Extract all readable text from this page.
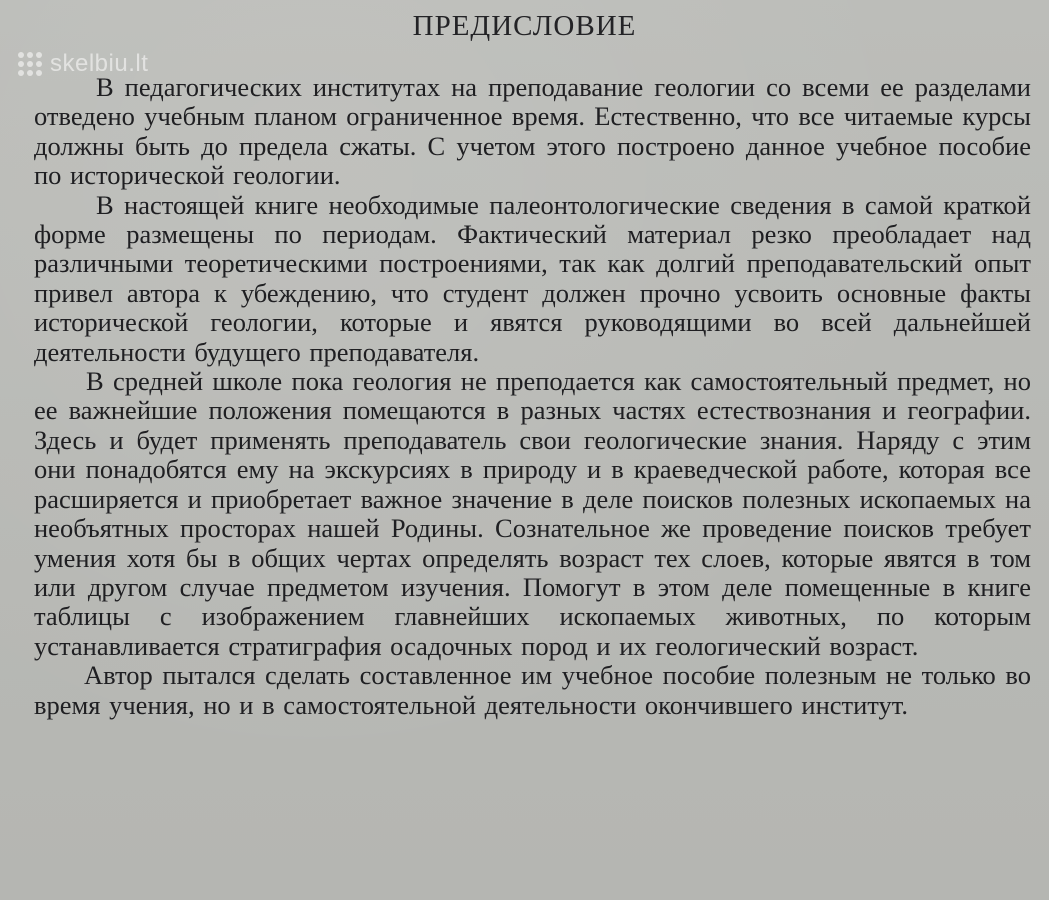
skelbiu.lt
ПРЕДИСЛОВИЕ

В педагогических институтах на преподавание геологии со всеми ее разделами отведено учебным планом ограниченное время. Естественно, что все читаемые курсы должны быть до предела сжаты. С учетом этого построено данное учебное пособие по исторической геологии.

В настоящей книге необходимые палеонтологические сведения в самой краткой форме размещены по периодам. Фактический материал резко преобладает над различными теоретическими построениями, так как долгий преподавательский опыт привел автора к убеждению, что студент должен прочно усвоить основные факты исторической геологии, которые и явятся руководящими во всей дальнейшей деятельности будущего преподавателя.

В средней школе пока геология не преподается как самостоятельный предмет, но ее важнейшие положения помещаются в разных частях естествознания и географии. Здесь и будет применять преподаватель свои геологические знания. Наряду с этим они понадобятся ему на экскурсиях в природу и в краеведческой работе, которая все расширяется и приобретает важное значение в деле поисков полезных ископаемых на необъятных просторах нашей Родины. Сознательное же проведение поисков требует умения хотя бы в общих чертах определять возраст тех слоев, которые явятся в том или другом случае предметом изучения. Помогут в этом деле помещенные в книге таблицы с изображением главнейших ископаемых животных, по которым устанавливается стратиграфия осадочных пород и их геологический возраст.

Автор пытался сделать составленное им учебное пособие полезным не только во время учения, но и в самостоятельной деятельности окончившего институт.
